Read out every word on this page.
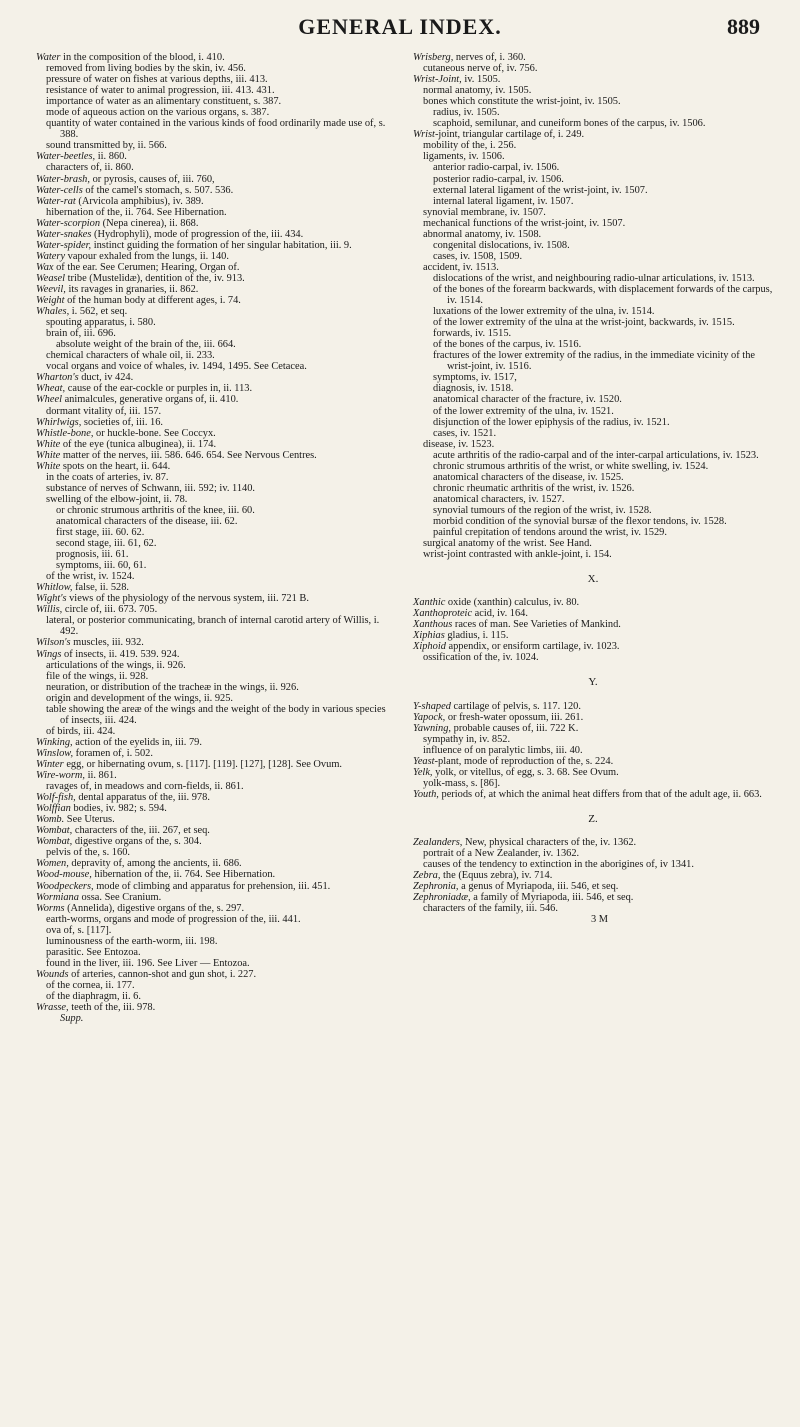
GENERAL INDEX.	889

Water in the composition of the blood, i. 410.

removed from living bodies by the skin, iv. 456.

pressure of water on fishes at various depths, iii. 413.

resistance of water to animal progression, iii. 413. 431.

importance of water as an alimentary constituent, s. 387.

mode of aqueous action on the various organs, s. 387.

quantity of water contained in the various kinds of food ordinarily made use of, s. 388.

sound transmitted by, ii. 566.

Water-beetles, ii. 860.

characters of, ii. 860.

Water-brash, or pyrosis, causes of, iii. 760,

Water-cells of the camel's stomach, s. 507. 536.

Water-rat (Arvicola amphibius), iv. 389.

hibernation of the, ii. 764. See Hibernation.

Water-scorpion (Nepa cinerea), ii. 868.

Water-snakes (Hydrophyli), mode of progression of the, iii. 434.

Water-spider, instinct guiding the formation of her singular habitation, iii. 9.

Watery vapour exhaled from the lungs, ii. 140.

Wax of the ear. See Cerumen; Hearing, Organ of.

Weasel tribe (Mustelidæ), dentition of the, iv. 913.

Weevil, its ravages in granaries, ii. 862.

Weight of the human body at different ages, i. 74.

Whales, i. 562, et seq.

spouting apparatus, i. 580.

brain of, iii. 696.

absolute weight of the brain of the, iii. 664.

chemical characters of whale oil, ii. 233.

vocal organs and voice of whales, iv. 1494, 1495. See Cetacea.

Wharton's duct, iv 424.

Wheat, cause of the ear-cockle or purples in, ii. 113.

Wheel animalcules, generative organs of, ii. 410.

dormant vitality of, iii. 157.

Whirlwigs, societies of, iii. 16.

Whistle-bone, or huckle-bone. See Coccyx.

White of the eye (tunica albuginea), ii. 174.

White matter of the nerves, iii. 586. 646. 654. See Nervous Centres.

White spots on the heart, ii. 644.

in the coats of arteries, iv. 87.

substance of nerves of Schwann, iii. 592; iv. 1140.

swelling of the elbow-joint, ii. 78.

or chronic strumous arthritis of the knee, iii. 60.

anatomical characters of the disease, iii. 62.

first stage, iii. 60. 62.

second stage, iii. 61, 62.

prognosis, iii. 61.

symptoms, iii. 60, 61.

of the wrist, iv. 1524.

Whitlow, false, ii. 528.

Wight's views of the physiology of the nervous system, iii. 721 B.

Willis, circle of, iii. 673. 705.

lateral, or posterior communicating, branch of internal carotid artery of Willis, i. 492.

Wilson's muscles, iii. 932.

Wings of insects, ii. 419. 539. 924.

articulations of the wings, ii. 926.

file of the wings, ii. 928.

neuration, or distribution of the tracheæ in the wings, ii. 926.

origin and development of the wings, ii. 925.

table showing the areæ of the wings and the weight of the body in various species of insects, iii. 424.

of birds, iii. 424.

Winking, action of the eyelids in, iii. 79.

Winslow, foramen of, i. 502.

Winter egg, or hibernating ovum, s. [117]. [119]. [127], [128]. See Ovum.

Wire-worm, ii. 861.

ravages of, in meadows and corn-fields, ii. 861.

Wolf-fish, dental apparatus of the, iii. 978.

Wolffian bodies, iv. 982; s. 594.

Womb. See Uterus.

Wombat, characters of the, iii. 267, et seq.

Wombat, digestive organs of the, s. 304.

pelvis of the, s. 160.

Women, depravity of, among the ancients, ii. 686.

Wood-mouse, hibernation of the, ii. 764. See Hibernation.

Woodpeckers, mode of climbing and apparatus for prehension, iii. 451.

Wormiana ossa. See Cranium.

Worms (Annelida), digestive organs of the, s. 297.

earth-worms, organs and mode of progression of the, iii. 441.

ova of, s. [117].

luminousness of the earth-worm, iii. 198.

parasitic. See Entozoa.

found in the liver, iii. 196. See Liver — Entozoa.

Wounds of arteries, cannon-shot and gun shot, i. 227.

of the cornea, ii. 177.

of the diaphragm, ii. 6.

Wrasse, teeth of the, iii. 978.

Supp.

Wrisberg, nerves of, i. 360.

cutaneous nerve of, iv. 756.

Wrist-Joint, iv. 1505.

normal anatomy, iv. 1505.

bones which constitute the wrist-joint, iv. 1505.

radius, iv. 1505.

scaphoid, semilunar, and cuneiform bones of the carpus, iv. 1506.

Wrist-joint, triangular cartilage of, i. 249.

mobility of the, i. 256.

ligaments, iv. 1506.

anterior radio-carpal, iv. 1506.

posterior radio-carpal, iv. 1506.

external lateral ligament of the wrist-joint, iv. 1507.

internal lateral ligament, iv. 1507.

synovial membrane, iv. 1507.

mechanical functions of the wrist-joint, iv. 1507.

abnormal anatomy, iv. 1508.

congenital dislocations, iv. 1508.

cases, iv. 1508, 1509.

accident, iv. 1513.

dislocations of the wrist, and neighbouring radio-ulnar articulations, iv. 1513.

of the bones of the forearm backwards, with displacement forwards of the carpus, iv. 1514.

luxations of the lower extremity of the ulna, iv. 1514.

of the lower extremity of the ulna at the wrist-joint, backwards, iv. 1515.

forwards, iv. 1515.

of the bones of the carpus, iv. 1516.

fractures of the lower extremity of the radius, in the immediate vicinity of the wrist-joint, iv. 1516.

symptoms, iv. 1517,

diagnosis, iv. 1518.

anatomical character of the fracture, iv. 1520.

of the lower extremity of the ulna, iv. 1521.

disjunction of the lower epiphysis of the radius, iv. 1521.

cases, iv. 1521.

disease, iv. 1523.

acute arthritis of the radio-carpal and of the inter-carpal articulations, iv. 1523.

chronic strumous arthritis of the wrist, or white swelling, iv. 1524.

anatomical characters of the disease, iv. 1525.

chronic rheumatic arthritis of the wrist, iv. 1526.

anatomical characters, iv. 1527.

synovial tumours of the region of the wrist, iv. 1528.

morbid condition of the synovial bursæ of the flexor tendons, iv. 1528.

painful crepitation of tendons around the wrist, iv. 1529.

surgical anatomy of the wrist. See Hand.

wrist-joint contrasted with ankle-joint, i. 154.

X.

Xanthic oxide (xanthin) calculus, iv. 80.

Xanthoproteic acid, iv. 164.

Xanthous races of man. See Varieties of Mankind.

Xiphias gladius, i. 115.

Xiphoid appendix, or ensiform cartilage, iv. 1023.

ossification of the, iv. 1024.

Y.

Y-shaped cartilage of pelvis, s. 117. 120.

Yapock, or fresh-water opossum, iii. 261.

Yawning, probable causes of, iii. 722 K.

sympathy in, iv. 852.

influence of on paralytic limbs, iii. 40.

Yeast-plant, mode of reproduction of the, s. 224.

Yelk, yolk, or vitellus, of egg, s. 3. 68. See Ovum.

yolk-mass, s. [86].

Youth, periods of, at which the animal heat differs from that of the adult age, ii. 663.

Z.

Zealanders, New, physical characters of the, iv. 1362.

portrait of a New Zealander, iv. 1362.

causes of the tendency to extinction in the aborigines of, iv 1341.

Zebra, the (Equus zebra), iv. 714.

Zephronia, a genus of Myriapoda, iii. 546, et seq.

Zephroniadæ, a family of Myriapoda, iii. 546, et seq.

characters of the family, iii. 546.

3 M
